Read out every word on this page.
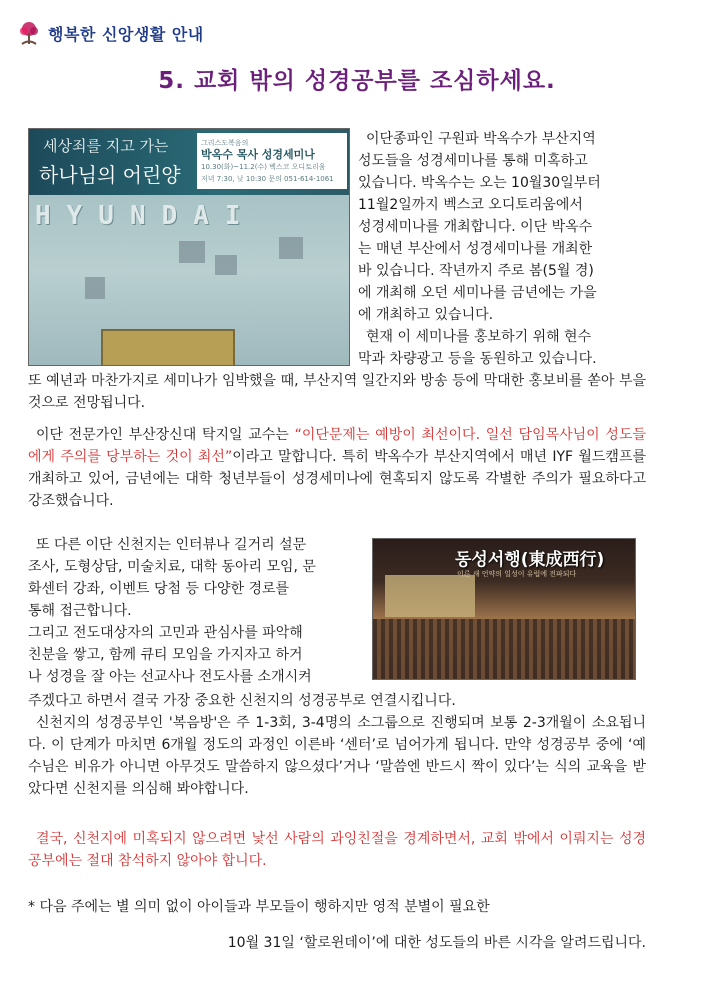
행복한 신앙생활 안내
5. 교회 밖의 성경공부를 조심하세요.
세상죄를 지고 가는
하나님의 어린양
그리스도복음의
박옥수 목사 성경세미나
10.30(화)~11.2(수) 벡스코 오디토리움
저녁 7:30, 낮 10:30 문의 051-614-1061
HYUNDAI

이단종파인 구원파 박옥수가 부산지역

성도들을 성경세미나를 통해 미혹하고

있습니다. 박옥수는 오는 10월30일부터

11월2일까지 벡스코 오디토리움에서

성경세미나를 개최합니다. 이단 박옥수

는 매년 부산에서 성경세미나를 개최한

바 있습니다. 작년까지 주로 봄(5월 경)

에 개최해 오던 세미나를 금년에는 가을

에 개최하고 있습니다.

현재 이 세미나를 홍보하기 위해 현수

막과 차량광고 등을 동원하고 있습니다.

또 예년과 마찬가지로 세미나가 임박했을 때, 부산지역 일간지와 방송 등에 막대한 홍보비를 쏟아 부을 것으로 전망됩니다.

이단 전문가인 부산장신대 탁지일 교수는 “이단문제는 예방이 최선이다. 일선 담임목사님이 성도들에게 주의를 당부하는 것이 최선”이라고 말합니다. 특히 박옥수가 부산지역에서 매년 IYF 월드캠프를 개최하고 있어, 금년에는 대학 청년부들이 성경세미나에 현혹되지 않도록 각별한 주의가 필요하다고 강조했습니다.

또 다른 이단 신천지는 인터뷰나 길거리 설문

조사, 도형상담, 미술치료, 대학 동아리 모임, 문

화센터 강좌, 이벤트 당첨 등 다양한 경로를

통해 접근합니다.

그리고 전도대상자의 고민과 관심사를 파악해

친분을 쌓고, 함께 큐티 모임을 가지자고 하거

나 성경을 잘 아는 선교사나 전도사를 소개시켜

동성서행(東成西行)
이른 새 언약의 일성이 유럽에 전파되다

주겠다고 하면서 결국 가장 중요한 신천지의 성경공부로 연결시킵니다.

신천지의 성경공부인 '복음방'은 주 1-3회, 3-4명의 소그룹으로 진행되며 보통 2-3개월이 소요됩니다. 이 단계가 마치면 6개월 정도의 과정인 이른바 ‘센터’로 넘어가게 됩니다. 만약 성경공부 중에 ‘예수님은 비유가 아니면 아무것도 말씀하지 않으셨다’거나 ‘말씀엔 반드시 짝이 있다’는 식의 교육을 받았다면 신천지를 의심해 봐야합니다.

결국, 신천지에 미혹되지 않으려면 낯선 사람의 과잉친절을 경계하면서, 교회 밖에서 이뤄지는 성경공부에는 절대 참석하지 않아야 합니다.

* 다음 주에는 별 의미 없이 아이들과 부모들이 행하지만 영적 분별이 필요한
10월 31일 ‘할로윈데이’에 대한 성도들의 바른 시각을 알려드립니다.
